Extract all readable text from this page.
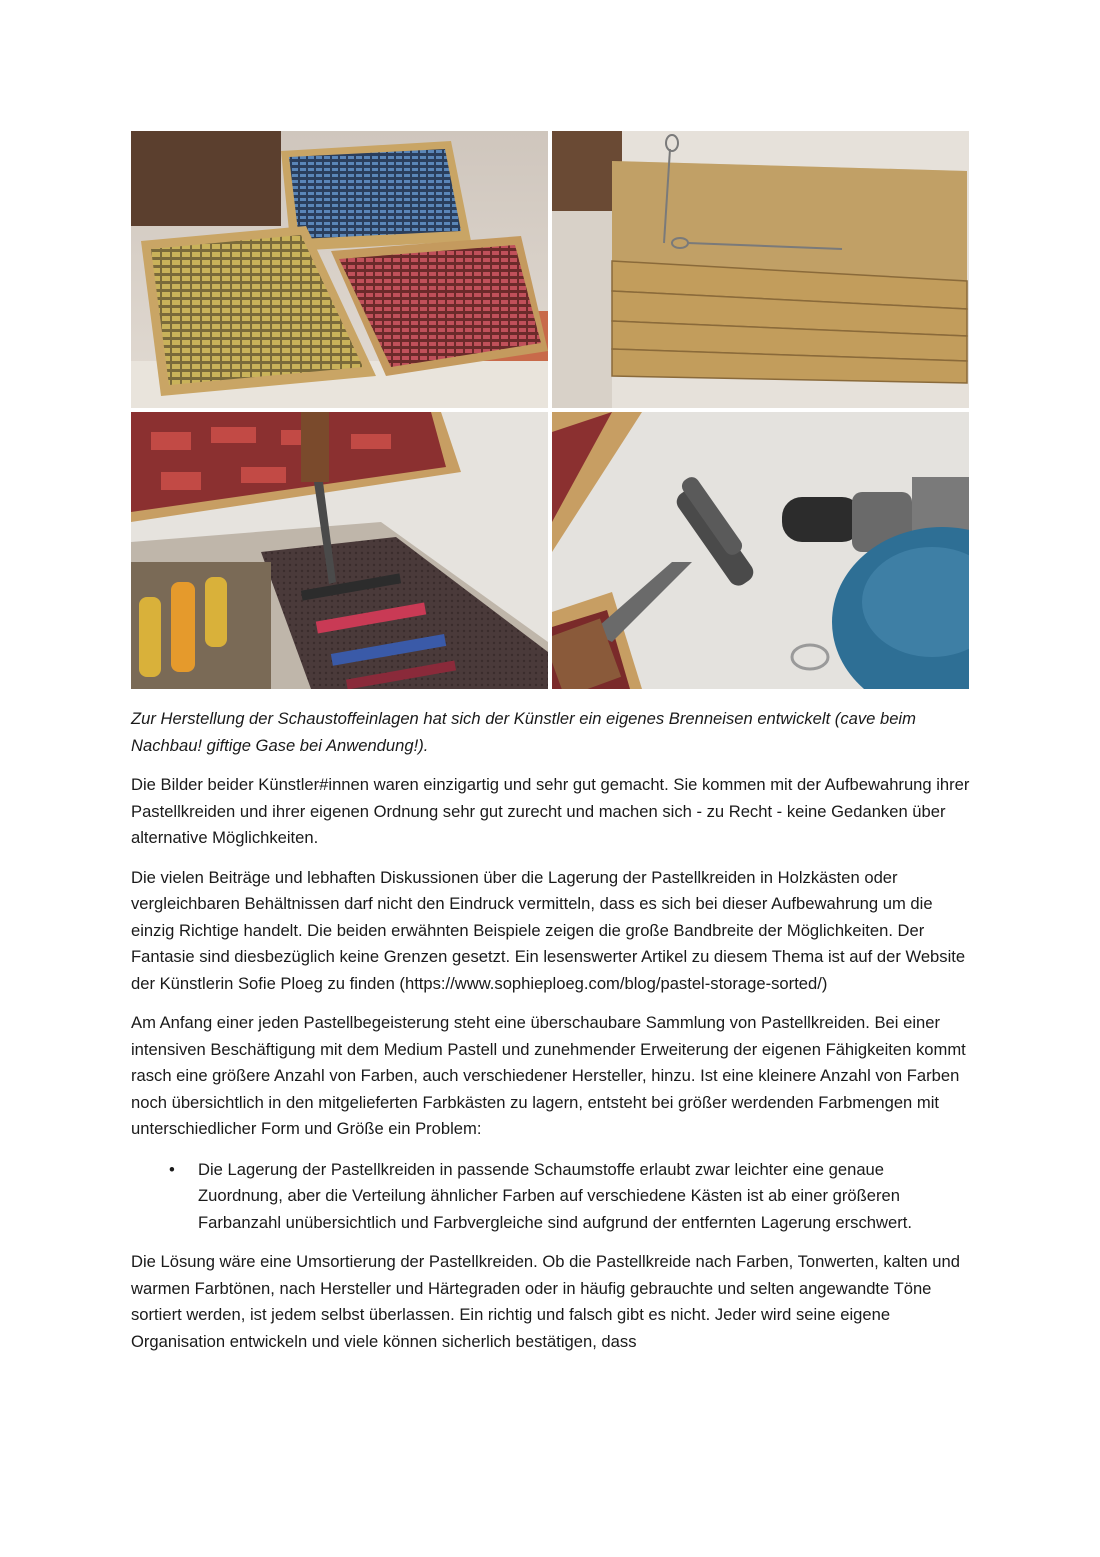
Zur Herstellung der Schaustoffeinlagen hat sich der Künstler ein eigenes Brenneisen entwickelt (cave beim Nachbau! giftige Gase bei Anwendung!).

Die Bilder beider Künstler#innen waren einzigartig und sehr gut gemacht. Sie kommen mit der Aufbewahrung ihrer Pastellkreiden und ihrer eigenen Ordnung sehr gut zurecht und machen sich - zu Recht - keine Gedanken über alternative Möglichkeiten.

Die vielen Beiträge und lebhaften Diskussionen über die Lagerung der Pastellkreiden in Holzkästen oder vergleichbaren Behältnissen darf nicht den Eindruck vermitteln, dass es sich bei dieser Aufbewahrung um die einzig Richtige handelt. Die beiden erwähnten Beispiele zeigen die große Bandbreite der Möglichkeiten. Der Fantasie sind diesbezüglich keine Grenzen gesetzt. Ein lesenswerter Artikel zu diesem Thema ist auf der Website der Künstlerin Sofie Ploeg zu finden (https://www.sophieploeg.com/blog/pastel-storage-sorted/)

Am Anfang einer jeden Pastellbegeisterung steht eine überschaubare Sammlung von Pastellkreiden. Bei einer intensiven Beschäftigung mit dem Medium Pastell und zunehmender Erweiterung der eigenen Fähigkeiten kommt rasch eine größere Anzahl von Farben, auch verschiedener Hersteller, hinzu. Ist eine kleinere Anzahl von Farben noch übersichtlich in den mitgelieferten Farbkästen zu lagern, entsteht bei größer werdenden Farbmengen mit unterschiedlicher Form und Größe ein Problem:

• Die Lagerung der Pastellkreiden in passende Schaumstoffe erlaubt zwar leichter eine genaue Zuordnung, aber die Verteilung ähnlicher Farben auf verschiedene Kästen ist ab einer größeren Farbanzahl unübersichtlich und Farbvergleiche sind aufgrund der entfernten Lagerung erschwert.

Die Lösung wäre eine Umsortierung der Pastellkreiden. Ob die Pastellkreide nach Farben, Tonwerten, kalten und warmen Farbtönen, nach Hersteller und Härtegraden oder in häufig gebrauchte und selten angewandte Töne sortiert werden, ist jedem selbst überlassen. Ein richtig und falsch gibt es nicht. Jeder wird seine eigene Organisation entwickeln und viele können sicherlich bestätigen, dass
